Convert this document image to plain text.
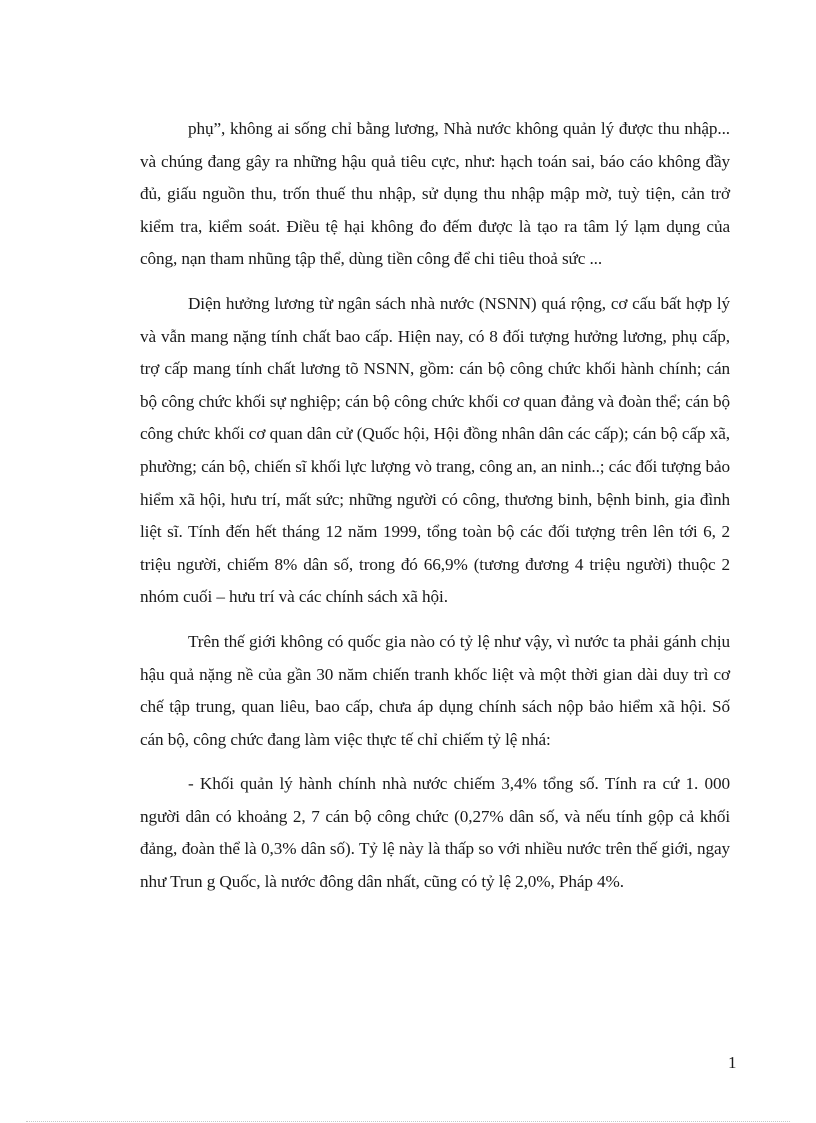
phụ”, không ai sống chỉ bằng lương, Nhà nước không quản lý được thu nhập... và chúng đang gây ra những hậu quả tiêu cực, như: hạch toán sai, báo cáo không đầy đủ, giấu nguồn thu, trốn thuế thu nhập, sử dụng thu nhập mập mờ, tuỳ tiện, cản trở kiểm tra, kiểm soát. Điều tệ hại không đo đếm được là tạo ra tâm lý lạm dụng của công, nạn tham nhũng tập thể, dùng tiền công để chi tiêu thoả sức ...

Diện hưởng lương từ ngân sách nhà nước (NSNN) quá rộng, cơ cấu bất hợp lý và vẫn mang nặng tính chất bao cấp. Hiện nay, có 8 đối tượng hưởng lương, phụ cấp, trợ cấp mang tính chất lương tõ NSNN, gồm: cán bộ công chức khối hành chính; cán bộ công chức khối sự nghiệp; cán bộ công chức khối cơ quan đảng và đoàn thể; cán bộ công chức khối cơ quan dân cử (Quốc hội, Hội đồng nhân dân các cấp); cán bộ cấp xã, phường; cán bộ, chiến sĩ khối lực lượng vò trang, công an, an ninh..; các đối tượng bảo hiểm xã hội, hưu trí, mất sức; những người có công, thương binh, bệnh binh, gia đình liệt sĩ. Tính đến hết tháng 12 năm 1999, tổng toàn bộ các đối tượng trên lên tới 6, 2 triệu người, chiếm 8% dân số, trong đó 66,9% (tương đương 4 triệu người) thuộc 2 nhóm cuối – hưu trí và các chính sách xã hội.

Trên thế giới không có quốc gia nào có tỷ lệ như vậy, vì nước ta phải gánh chịu hậu quả nặng nề của gần 30 năm chiến tranh khốc liệt và một thời gian dài duy trì cơ chế tập trung, quan liêu, bao cấp, chưa áp dụng chính sách nộp bảo hiểm xã hội. Số cán bộ, công chức đang làm việc thực tế chỉ chiếm tỷ lệ nhá:

- Khối quản lý hành chính nhà nước chiếm 3,4% tổng số. Tính ra cứ 1. 000 người dân có khoảng 2, 7 cán bộ công chức (0,27% dân số, và nếu tính gộp cả khối đảng, đoàn thể là 0,3% dân số). Tỷ lệ này là thấp so với nhiều nước trên thế giới, ngay như Trun g Quốc, là nước đông dân nhất, cũng có tỷ lệ 2,0%, Pháp 4%.

1
